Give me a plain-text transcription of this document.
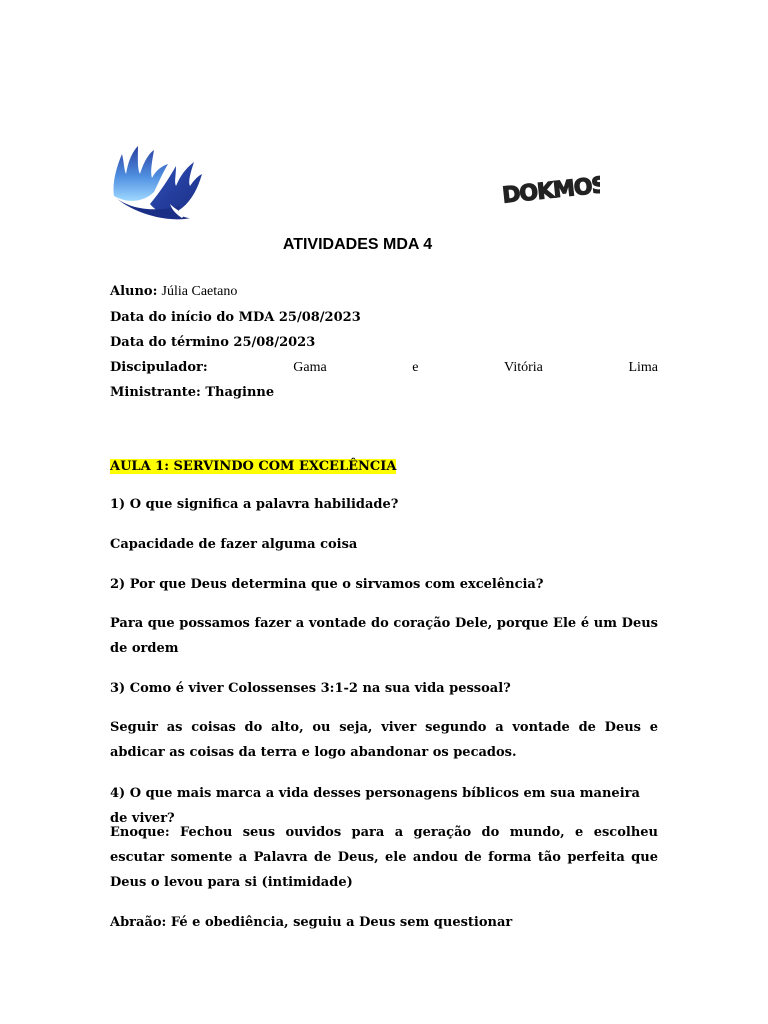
DOKMOS
ATIVIDADES MDA 4
Aluno: Júlia Caetano
Data do início do MDA 25/08/2023
Data do término 25/08/2023
Discipulador:	Gama	e	Vitória	Lima
Ministrante: Thaginne
AULA 1: SERVINDO COM EXCELÊNCIA
1) O que significa a palavra habilidade?
Capacidade de fazer alguma coisa
2) Por que Deus determina que o sirvamos com excelência?
Para que possamos fazer a vontade do coração Dele, porque Ele é um Deus de ordem
3) Como é viver Colossenses 3:1-2 na sua vida pessoal?
Seguir as coisas do alto, ou seja, viver segundo a vontade de Deus e abdicar as coisas da terra e logo abandonar os pecados.
4) O que mais marca a vida desses personagens bíblicos em sua maneira de viver?
Enoque: Fechou seus ouvidos para a geração do mundo, e escolheu escutar somente a Palavra de Deus, ele andou de forma tão perfeita que Deus o levou para si (intimidade)
Abraão: Fé e obediência, seguiu a Deus sem questionar
